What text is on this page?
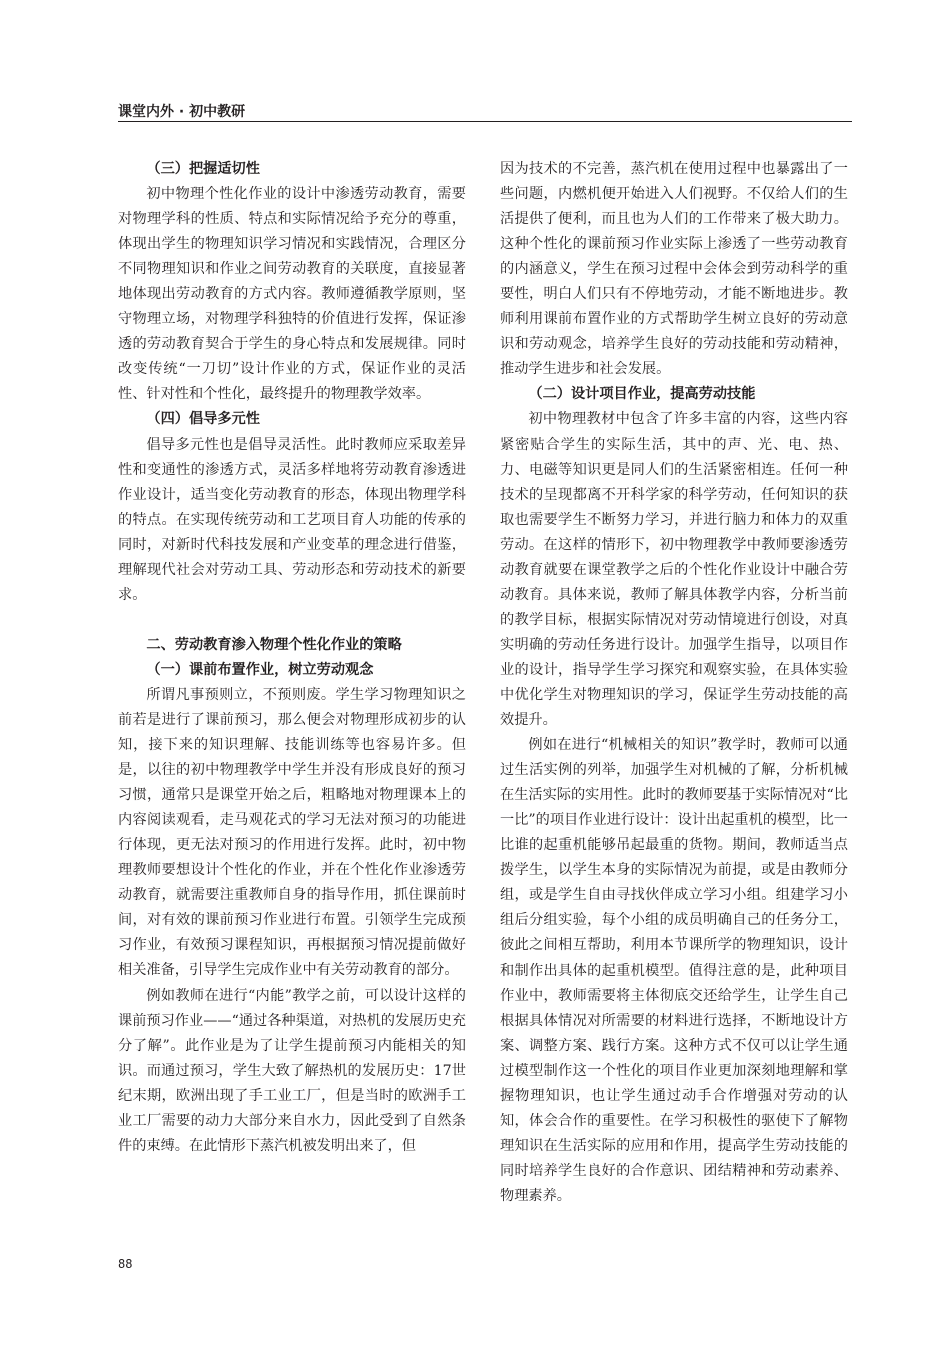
课堂内外 · 初中教研
（三）把握适切性

初中物理个性化作业的设计中渗透劳动教育，需要对物理学科的性质、特点和实际情况给予充分的尊重，体现出学生的物理知识学习情况和实践情况，合理区分不同物理知识和作业之间劳动教育的关联度，直接显著地体现出劳动教育的方式内容。教师遵循教学原则，坚守物理立场，对物理学科独特的价值进行发挥，保证渗透的劳动教育契合于学生的身心特点和发展规律。同时改变传统“一刀切”设计作业的方式，保证作业的灵活性、针对性和个性化，最终提升的物理教学效率。

（四）倡导多元性

倡导多元性也是倡导灵活性。此时教师应采取差异性和变通性的渗透方式，灵活多样地将劳动教育渗透进作业设计，适当变化劳动教育的形态，体现出物理学科的特点。在实现传统劳动和工艺项目育人功能的传承的同时，对新时代科技发展和产业变革的理念进行借鉴，理解现代社会对劳动工具、劳动形态和劳动技术的新要求。

二、劳动教育渗入物理个性化作业的策略
（一）课前布置作业，树立劳动观念

所谓凡事预则立，不预则废。学生学习物理知识之前若是进行了课前预习，那么便会对物理形成初步的认知，接下来的知识理解、技能训练等也容易许多。但是，以往的初中物理教学中学生并没有形成良好的预习习惯，通常只是课堂开始之后，粗略地对物理课本上的内容阅读观看，走马观花式的学习无法对预习的功能进行体现，更无法对预习的作用进行发挥。此时，初中物理教师要想设计个性化的作业，并在个性化作业渗透劳动教育，就需要注重教师自身的指导作用，抓住课前时间，对有效的课前预习作业进行布置。引领学生完成预习作业，有效预习课程知识，再根据预习情况提前做好相关准备，引导学生完成作业中有关劳动教育的部分。

例如教师在进行“内能”教学之前，可以设计这样的课前预习作业——“通过各种渠道，对热机的发展历史充分了解”。此作业是为了让学生提前预习内能相关的知识。而通过预习，学生大致了解热机的发展历史：17世纪末期，欧洲出现了手工业工厂，但是当时的欧洲手工业工厂需要的动力大部分来自水力，因此受到了自然条件的束缚。在此情形下蒸汽机被发明出来了，但

因为技术的不完善，蒸汽机在使用过程中也暴露出了一些问题，内燃机便开始进入人们视野。不仅给人们的生活提供了便利，而且也为人们的工作带来了极大助力。这种个性化的课前预习作业实际上渗透了一些劳动教育的内涵意义，学生在预习过程中会体会到劳动科学的重要性，明白人们只有不停地劳动，才能不断地进步。教师利用课前布置作业的方式帮助学生树立良好的劳动意识和劳动观念，培养学生良好的劳动技能和劳动精神，推动学生进步和社会发展。

（二）设计项目作业，提高劳动技能

初中物理教材中包含了许多丰富的内容，这些内容紧密贴合学生的实际生活，其中的声、光、电、热、力、电磁等知识更是同人们的生活紧密相连。任何一种技术的呈现都离不开科学家的科学劳动，任何知识的获取也需要学生不断努力学习，并进行脑力和体力的双重劳动。在这样的情形下，初中物理教学中教师要渗透劳动教育就要在课堂教学之后的个性化作业设计中融合劳动教育。具体来说，教师了解具体教学内容，分析当前的教学目标，根据实际情况对劳动情境进行创设，对真实明确的劳动任务进行设计。加强学生指导，以项目作业的设计，指导学生学习探究和观察实验，在具体实验中优化学生对物理知识的学习，保证学生劳动技能的高效提升。

例如在进行“机械相关的知识”教学时，教师可以通过生活实例的列举，加强学生对机械的了解，分析机械在生活实际的实用性。此时的教师要基于实际情况对“比一比”的项目作业进行设计：设计出起重机的模型，比一比谁的起重机能够吊起最重的货物。期间，教师适当点拨学生，以学生本身的实际情况为前提，或是由教师分组，或是学生自由寻找伙伴成立学习小组。组建学习小组后分组实验，每个小组的成员明确自己的任务分工，彼此之间相互帮助，利用本节课所学的物理知识，设计和制作出具体的起重机模型。值得注意的是，此种项目作业中，教师需要将主体彻底交还给学生，让学生自己根据具体情况对所需要的材料进行选择，不断地设计方案、调整方案、践行方案。这种方式不仅可以让学生通过模型制作这一个性化的项目作业更加深刻地理解和掌握物理知识，也让学生通过动手合作增强对劳动的认知，体会合作的重要性。在学习积极性的驱使下了解物理知识在生活实际的应用和作用，提高学生劳动技能的同时培养学生良好的合作意识、团结精神和劳动素养、物理素养。

88
